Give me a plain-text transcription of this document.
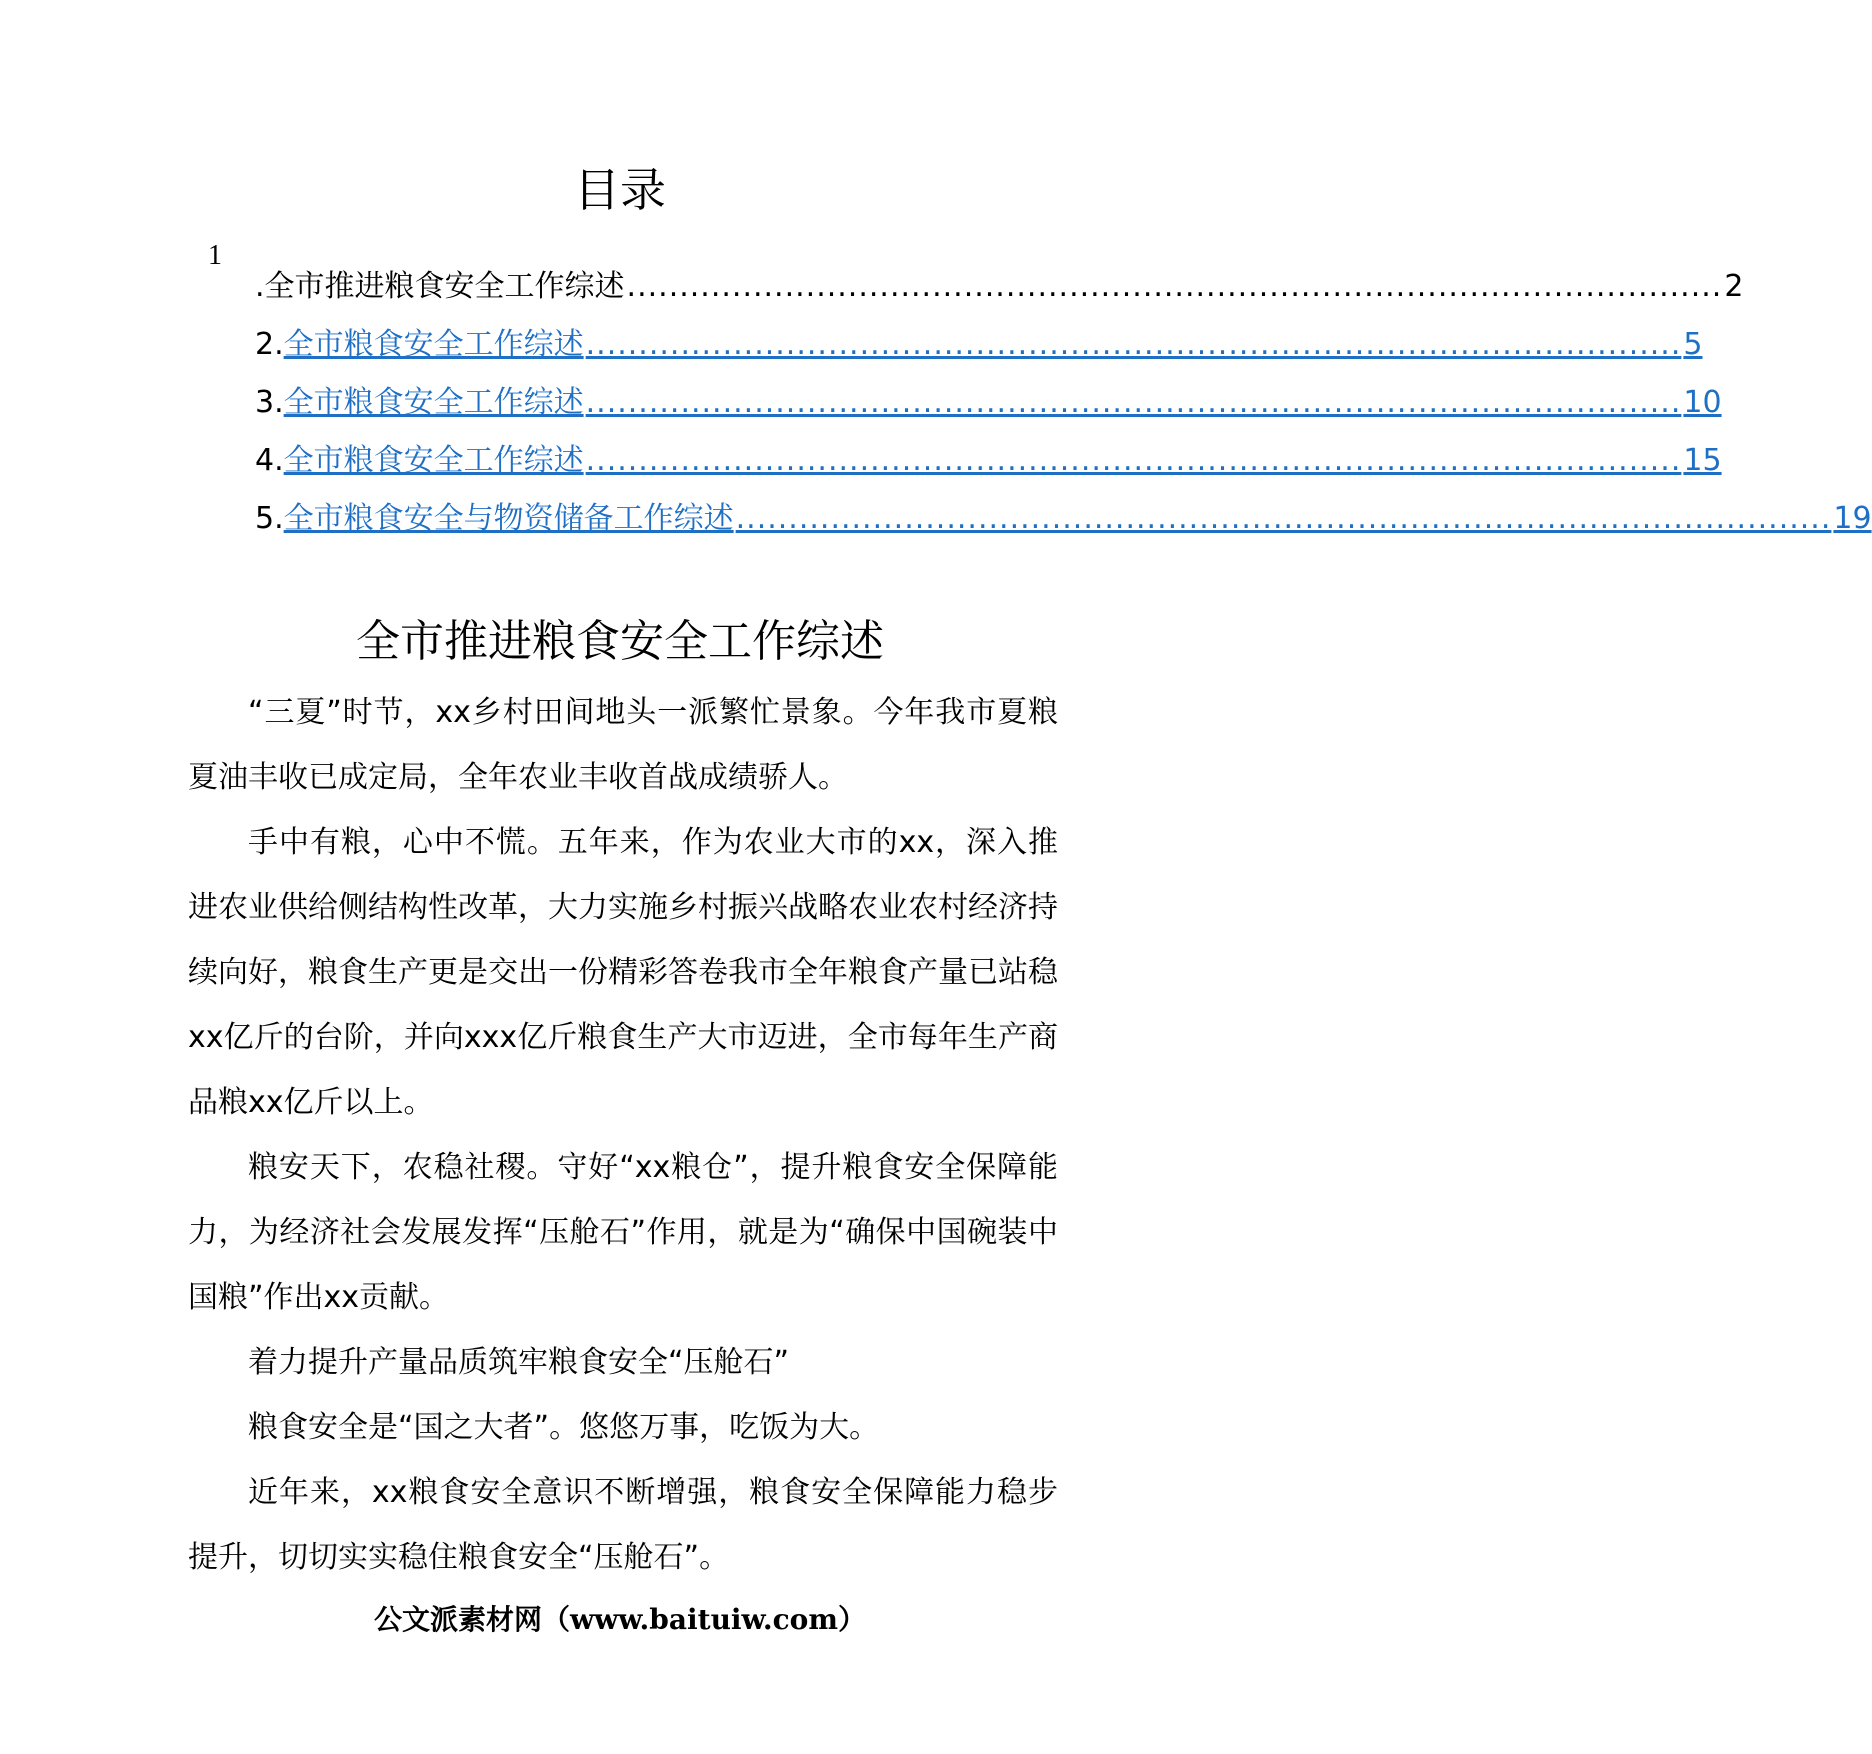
目录
1
.全市推进粮食安全工作综述 ........................................................................................................ 2
2. 全市粮食安全工作综述 ........................................................................................................ 5
3. 全市粮食安全工作综述 ........................................................................................................ 10
4. 全市粮食安全工作综述 ........................................................................................................ 15
5. 全市粮食安全与物资储备工作综述 ........................................................................................................ 19
全市推进粮食安全工作综述

“三夏”时节，xx乡村田间地头一派繁忙景象。今年我市夏粮夏油丰收已成定局，全年农业丰收首战成绩骄人。

手中有粮，心中不慌。五年来，作为农业大市的xx，深入推进农业供给侧结构性改革，大力实施乡村振兴战略农业农村经济持续向好，粮食生产更是交出一份精彩答卷我市全年粮食产量已站稳xx亿斤的台阶，并向xxx亿斤粮食生产大市迈进，全市每年生产商品粮xx亿斤以上。

粮安天下，农稳社稷。守好“xx粮仓”，提升粮食安全保障能力，为经济社会发展发挥“压舱石”作用，就是为“确保中国碗装中国粮”作出xx贡献。

着力提升产量品质筑牢粮食安全“压舱石”

粮食安全是“国之大者”。悠悠万事，吃饭为大。

近年来，xx粮食安全意识不断增强，粮食安全保障能力稳步提升，切切实实稳住粮食安全“压舱石”。

公文派素材网（www.baituiw.com）
